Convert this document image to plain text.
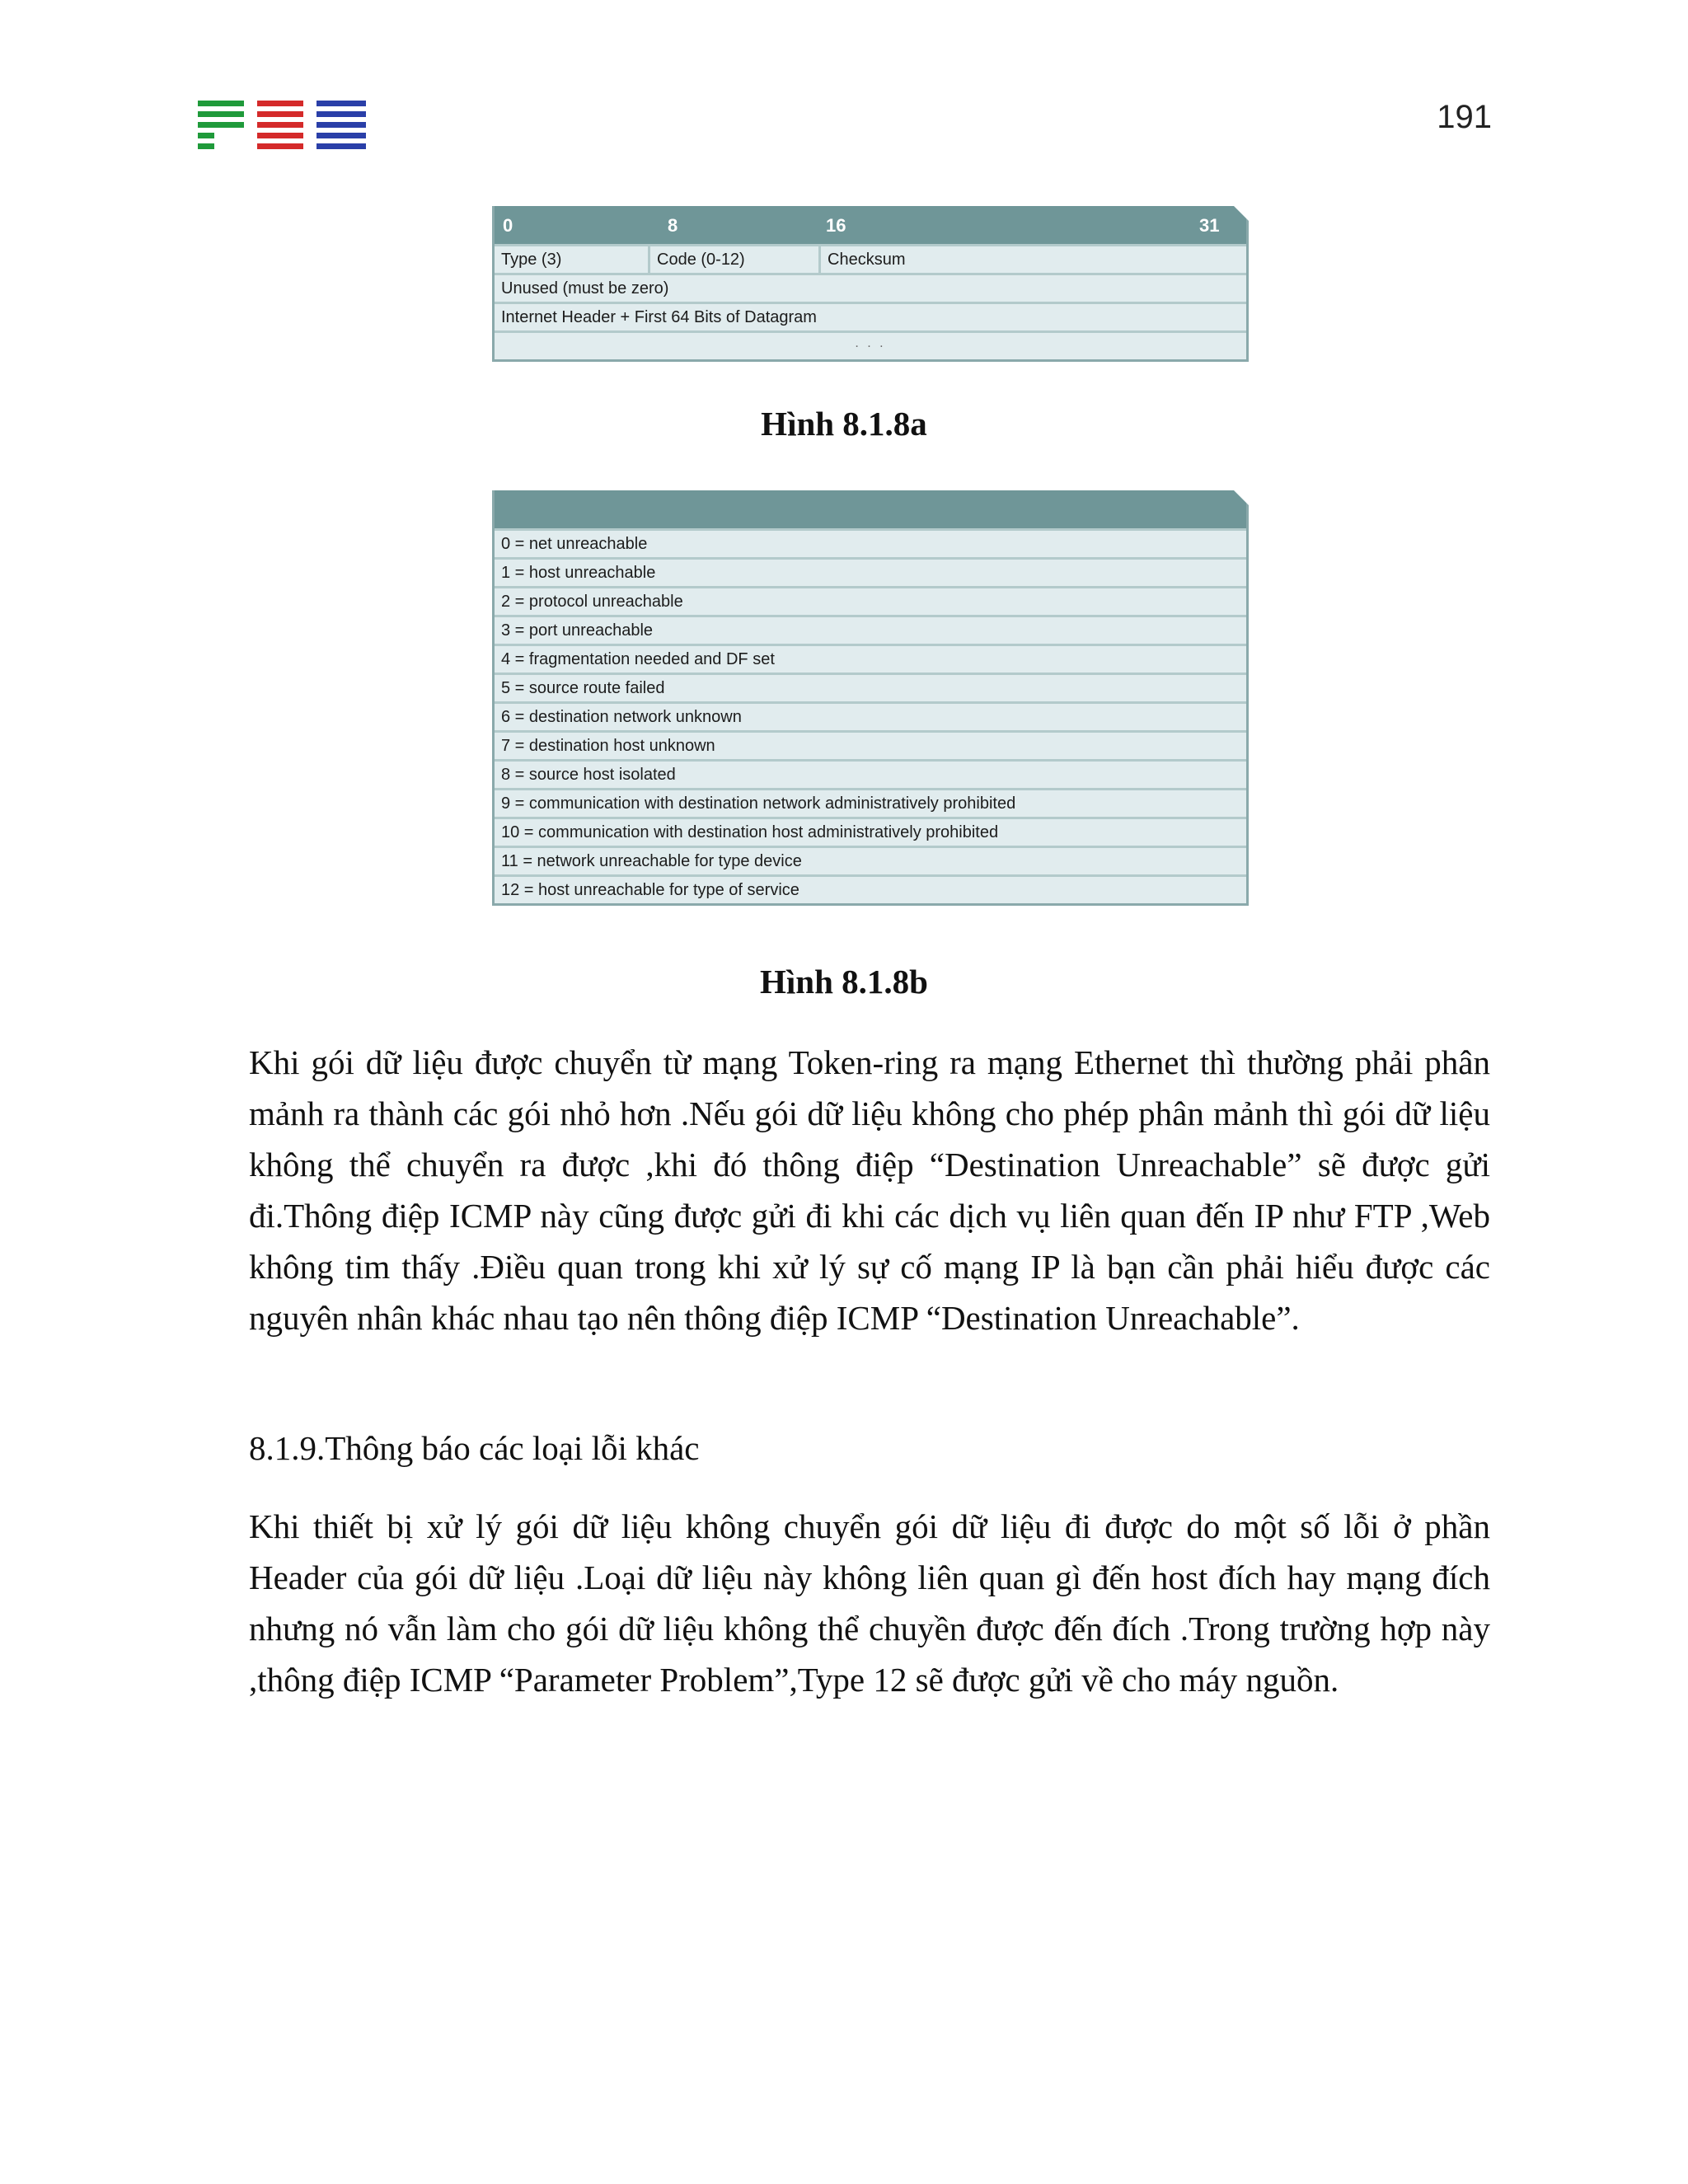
191
0	8	16	31
Type (3)	Code (0-12)	Checksum
Unused (must be zero)
Internet Header + First 64 Bits of Datagram
. . .
Hình 8.1.8a
0 = net unreachable
1 = host unreachable
2 = protocol unreachable
3 = port unreachable
4 = fragmentation needed and DF set
5 = source route failed
6 = destination network unknown
7 = destination host unknown
8 = source host isolated
9 = communication with destination network administratively prohibited
10 = communication with destination host administratively prohibited
11 = network unreachable for type device
12 = host unreachable for type of service
Hình 8.1.8b

Khi gói dữ liệu được chuyển từ mạng Token-ring ra mạng Ethernet thì thường phải phân mảnh ra thành các gói nhỏ hơn .Nếu gói dữ liệu không cho phép phân mảnh thì gói dữ liệu không thể chuyển ra được ,khi đó thông điệp “Destination Unreachable” sẽ được gửi đi.Thông điệp ICMP này cũng được gửi đi khi các dịch vụ liên quan đến IP như FTP ,Web không tim thấy .Điều quan trong khi xử lý sự cố mạng IP là bạn cần phải hiểu được các nguyên nhân khác nhau tạo nên thông điệp ICMP “Destination Unreachable”.

8.1.9.Thông báo các loại lỗi khác

Khi thiết bị xử lý gói dữ liệu không chuyển gói dữ liệu đi được do một số lỗi ở phần Header của gói dữ liệu .Loại dữ liệu này không liên quan gì đến host đích hay mạng đích nhưng nó vẫn làm cho gói dữ liệu không thể chuyền được đến đích .Trong trường hợp này ,thông điệp ICMP “Parameter Problem”,Type 12 sẽ được gửi về cho máy nguồn.
